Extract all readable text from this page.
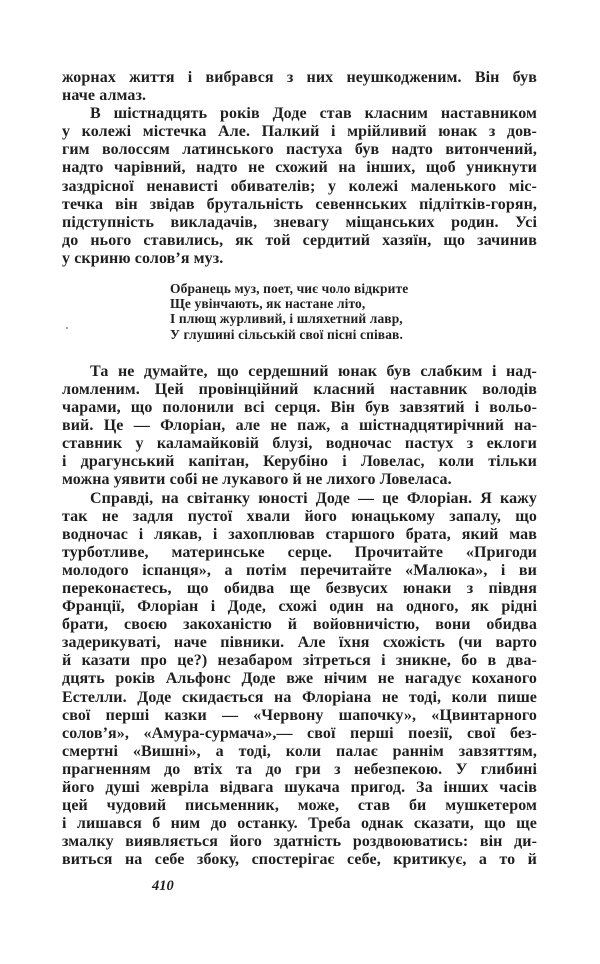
жорнах життя і вибрався з них неушкодженим. Він був
наче алмаз.
В шістнадцять років Доде став класним наставником
у колежі містечка Але. Палкий і мрійливий юнак з дов-
гим волоссям латинського пастуха був надто витончений,
надто чарівний, надто не схожий на інших, щоб уникнути
заздрісної ненависті обивателів; у колежі маленького міс-
течка він звідав брутальність севеннських підлітків-горян,
підступність викладачів, зневагу міщанських родин. Усі
до нього ставились, як той сердитий хазяїн, що зачинив
у скриню солов’я муз.
Обранець муз, поет, чиє чоло відкрите
Ще увінчають, як настане літо,
І плющ журливий, і шляхетний лавр,
У глушині сільській свої пісні співав.
Та не думайте, що сердешний юнак був слабким і над-
ломленим. Цей провінційний класний наставник володів
чарами, що полонили всі серця. Він був завзятий і вольо-
вий. Це — Флоріан, але не паж, а шістнадцятирічний на-
ставник у каламайковій блузі, водночас пастух з еклоги
і драгунський капітан, Керубіно і Ловелас, коли тільки
можна уявити собі не лукавого й не лихого Ловеласа.
Справді, на світанку юності Доде — це Флоріан. Я кажу
так не задля пустої хвали його юнацькому запалу, що
водночас і лякав, і захоплював старшого брата, який мав
турботливе, материнське серце. Прочитайте «Пригоди
молодого іспанця», а потім перечитайте «Малюка», і ви
переконаєтесь, що обидва ще безвусих юнаки з півдня
Франції, Флоріан і Доде, схожі один на одного, як рідні
брати, своєю закоханістю й войовничістю, вони обидва
задерикуваті, наче півники. Але їхня схожість (чи варто
й казати про це?) незабаром зітреться і зникне, бо в два-
дцять років Альфонс Доде вже нічим не нагадує коханого
Естелли. Доде скидається на Флоріана не тоді, коли пише
свої перші казки — «Червону шапочку», «Цвинтарного
солов’я», «Амура-сурмача»,— свої перші поезії, свої без-
смертні «Вишні», а тоді, коли палає раннім завзяттям,
прагненням до втіх та до гри з небезпекою. У глибині
його душі жевріла відвага шукача пригод. За інших часів
цей чудовий письменник, може, став би мушкетером
і лишався б ним до останку. Треба однак сказати, що ще
змалку виявляється його здатність роздвоюватись: він ди-
виться на себе збоку, спостерігає себе, критикує, а то й
410
